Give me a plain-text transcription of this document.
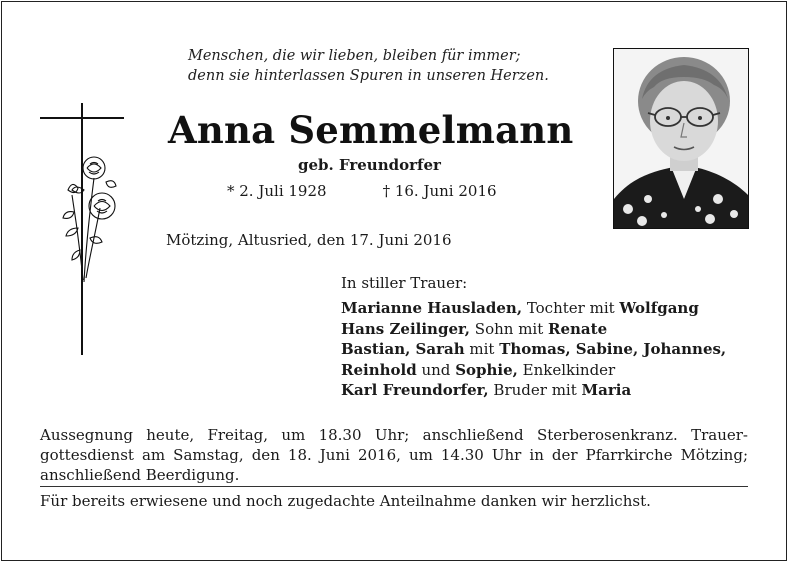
Menschen, die wir lieben, bleiben für immer;
denn sie hinterlassen Spuren in unseren Herzen.
Anna Semmelmann
geb. Freundorfer
* 2. Juli 1928	† 16. Juni 2016
Mötzing, Altusried, den 17. Juni 2016
In stiller Trauer:
Marianne Hausladen, Tochter mit Wolfgang
Hans Zeilinger, Sohn mit Renate
Bastian, Sarah mit Thomas, Sabine, Johannes,
Reinhold und Sophie, Enkelkinder
Karl Freundorfer, Bruder mit Maria
Aussegnung heute, Freitag, um 18.30 Uhr; anschließend Sterberosenkranz. Trauer-gottesdienst am Samstag, den 18. Juni 2016, um 14.30 Uhr in der Pfarrkirche Mötzing; anschließend Beerdigung.
Für bereits erwiesene und noch zugedachte Anteilnahme danken wir herzlichst.
